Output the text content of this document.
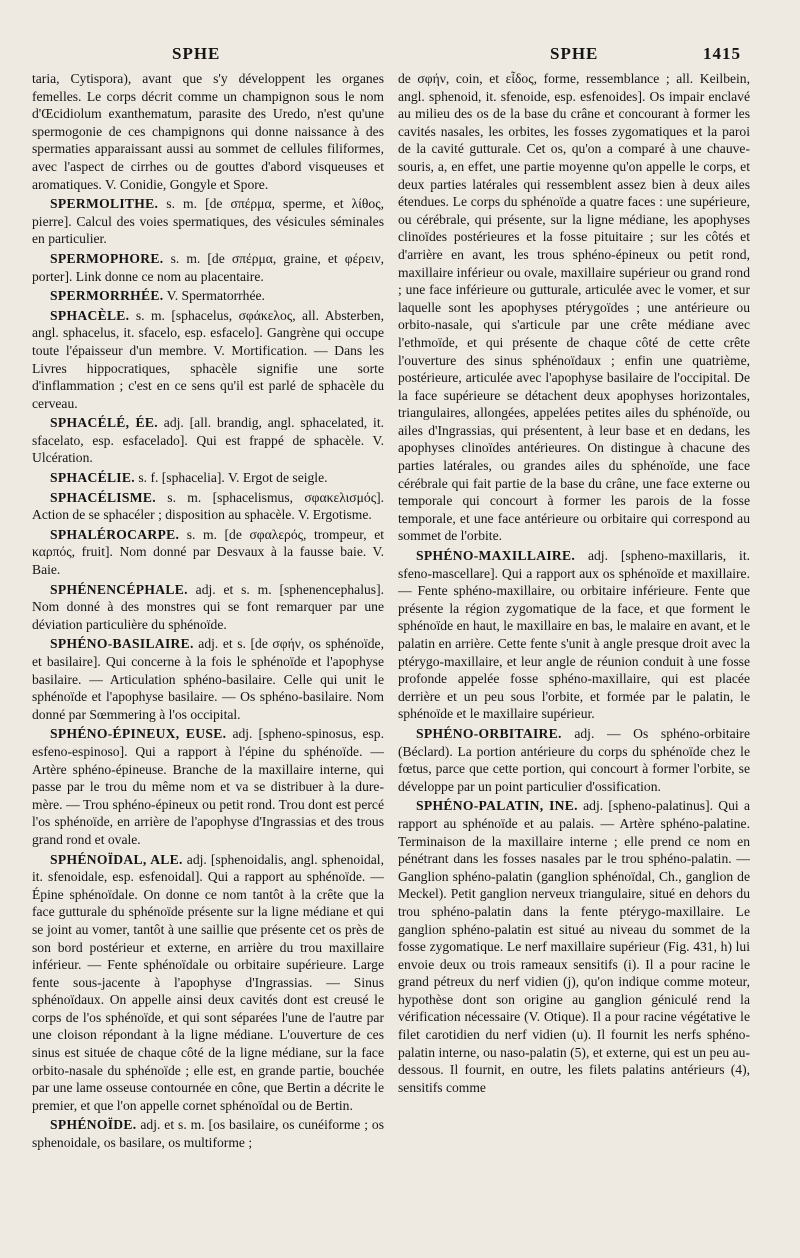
SPHE	SPHE	1415

taria, Cytispora), avant que s'y développent les organes femelles. Le corps décrit comme un champignon sous le nom d'Œcidiolum exanthematum, parasite des Uredo, n'est qu'une spermogonie de ces champignons qui donne naissance à des spermaties apparaissant aussi au sommet de cellules filiformes, avec l'aspect de cirrhes ou de gouttes d'abord visqueuses et aromatiques. V. Conidie, Gongyle et Spore.

SPERMOLITHE. s. m. [de σπέρμα, sperme, et λίθος, pierre]. Calcul des voies spermatiques, des vésicules séminales en particulier.

SPERMOPHORE. s. m. [de σπέρμα, graine, et φέρειν, porter]. Link donne ce nom au placentaire.

SPERMORRHÉE. V. Spermatorrhée.

SPHACÈLE. s. m. [sphacelus, σφάκελος, all. Absterben, angl. sphacelus, it. sfacelo, esp. esfacelo]. Gangrène qui occupe toute l'épaisseur d'un membre. V. Mortification. — Dans les Livres hippocratiques, sphacèle signifie une sorte d'inflammation ; c'est en ce sens qu'il est parlé de sphacèle du cerveau.

SPHACÉLÉ, ÉE. adj. [all. brandig, angl. sphacelated, it. sfacelato, esp. esfacelado]. Qui est frappé de sphacèle. V. Ulcération.

SPHACÉLIE. s. f. [sphacelia]. V. Ergot de seigle.

SPHACÉLISME. s. m. [sphacelismus, σφακελισμός]. Action de se sphacéler ; disposition au sphacèle. V. Ergotisme.

SPHALÉROCARPE. s. m. [de σφαλερός, trompeur, et καρπός, fruit]. Nom donné par Desvaux à la fausse baie. V. Baie.

SPHÉNENCÉPHALE. adj. et s. m. [sphenencephalus]. Nom donné à des monstres qui se font remarquer par une déviation particulière du sphénoïde.

SPHÉNO-BASILAIRE. adj. et s. [de σφήν, os sphénoïde, et basilaire]. Qui concerne à la fois le sphénoïde et l'apophyse basilaire. — Articulation sphéno-basilaire. Celle qui unit le sphénoïde et l'apophyse basilaire. — Os sphéno-basilaire. Nom donné par Sœmmering à l'os occipital.

SPHÉNO-ÉPINEUX, EUSE. adj. [spheno-spinosus, esp. esfeno-espinoso]. Qui a rapport à l'épine du sphénoïde. — Artère sphéno-épineuse. Branche de la maxillaire interne, qui passe par le trou du même nom et va se distribuer à la dure-mère. — Trou sphéno-épineux ou petit rond. Trou dont est percé l'os sphénoïde, en arrière de l'apophyse d'Ingrassias et des trous grand rond et ovale.

SPHÉNOÏDAL, ALE. adj. [sphenoidalis, angl. sphenoidal, it. sfenoidale, esp. esfenoidal]. Qui a rapport au sphénoïde. — Épine sphénoïdale. On donne ce nom tantôt à la crête que la face gutturale du sphénoïde présente sur la ligne médiane et qui se joint au vomer, tantôt à une saillie que présente cet os près de son bord postérieur et externe, en arrière du trou maxillaire inférieur. — Fente sphénoïdale ou orbitaire supérieure. Large fente sous-jacente à l'apophyse d'Ingrassias. — Sinus sphénoïdaux. On appelle ainsi deux cavités dont est creusé le corps de l'os sphénoïde, et qui sont séparées l'une de l'autre par une cloison répondant à la ligne médiane. L'ouverture de ces sinus est située de chaque côté de la ligne médiane, sur la face orbito-nasale du sphénoïde ; elle est, en grande partie, bouchée par une lame osseuse contournée en cône, que Bertin a décrite le premier, et que l'on appelle cornet sphénoïdal ou de Bertin.

SPHÉNOÏDE. adj. et s. m. [os basilaire, os cunéiforme ; os sphenoidale, os basilare, os multiforme ;

de σφήν, coin, et εἶδος, forme, ressemblance ; all. Keilbein, angl. sphenoid, it. sfenoide, esp. esfenoides]. Os impair enclavé au milieu des os de la base du crâne et concourant à former les cavités nasales, les orbites, les fosses zygomatiques et la paroi de la cavité gutturale. Cet os, qu'on a comparé à une chauve-souris, a, en effet, une partie moyenne qu'on appelle le corps, et deux parties latérales qui ressemblent assez bien à deux ailes étendues. Le corps du sphénoïde a quatre faces : une supérieure, ou cérébrale, qui présente, sur la ligne médiane, les apophyses clinoïdes postérieures et la fosse pituitaire ; sur les côtés et d'arrière en avant, les trous sphéno-épineux ou petit rond, maxillaire inférieur ou ovale, maxillaire supérieur ou grand rond ; une face inférieure ou gutturale, articulée avec le vomer, et sur laquelle sont les apophyses ptérygoïdes ; une antérieure ou orbito-nasale, qui s'articule par une crête médiane avec l'ethmoïde, et qui présente de chaque côté de cette crête l'ouverture des sinus sphénoïdaux ; enfin une quatrième, postérieure, articulée avec l'apophyse basilaire de l'occipital. De la face supérieure se détachent deux apophyses horizontales, triangulaires, allongées, appelées petites ailes du sphénoïde, ou ailes d'Ingrassias, qui présentent, à leur base et en dedans, les apophyses clinoïdes antérieures. On distingue à chacune des parties latérales, ou grandes ailes du sphénoïde, une face cérébrale qui fait partie de la base du crâne, une face externe ou temporale qui concourt à former les parois de la fosse temporale, et une face antérieure ou orbitaire qui correspond au sommet de l'orbite.

SPHÉNO-MAXILLAIRE. adj. [spheno-maxillaris, it. sfeno-mascellare]. Qui a rapport aux os sphénoïde et maxillaire. — Fente sphéno-maxillaire, ou orbitaire inférieure. Fente que présente la région zygomatique de la face, et que forment le sphénoïde en haut, le maxillaire en bas, le malaire en avant, et le palatin en arrière. Cette fente s'unit à angle presque droit avec la ptérygo-maxillaire, et leur angle de réunion conduit à une fosse profonde appelée fosse sphéno-maxillaire, qui est placée derrière et un peu sous l'orbite, et formée par le palatin, le sphénoïde et le maxillaire supérieur.

SPHÉNO-ORBITAIRE. adj. — Os sphéno-orbitaire (Béclard). La portion antérieure du corps du sphénoïde chez le fœtus, parce que cette portion, qui concourt à former l'orbite, se développe par un point particulier d'ossification.

SPHÉNO-PALATIN, INE. adj. [spheno-palatinus]. Qui a rapport au sphénoïde et au palais. — Artère sphéno-palatine. Terminaison de la maxillaire interne ; elle prend ce nom en pénétrant dans les fosses nasales par le trou sphéno-palatin. — Ganglion sphéno-palatin (ganglion sphénoïdal, Ch., ganglion de Meckel). Petit ganglion nerveux triangulaire, situé en dehors du trou sphéno-palatin dans la fente ptérygo-maxillaire. Le ganglion sphéno-palatin est situé au niveau du sommet de la fosse zygomatique. Le nerf maxillaire supérieur (Fig. 431, h) lui envoie deux ou trois rameaux sensitifs (i). Il a pour racine le grand pétreux du nerf vidien (j), qu'on indique comme moteur, hypothèse dont son origine au ganglion géniculé rend la vérification nécessaire (V. Otique). Il a pour racine végétative le filet carotidien du nerf vidien (u). Il fournit les nerfs sphéno-palatin interne, ou naso-palatin (5), et externe, qui est un peu au-dessous. Il fournit, en outre, les filets palatins antérieurs (4), sensitifs comme
